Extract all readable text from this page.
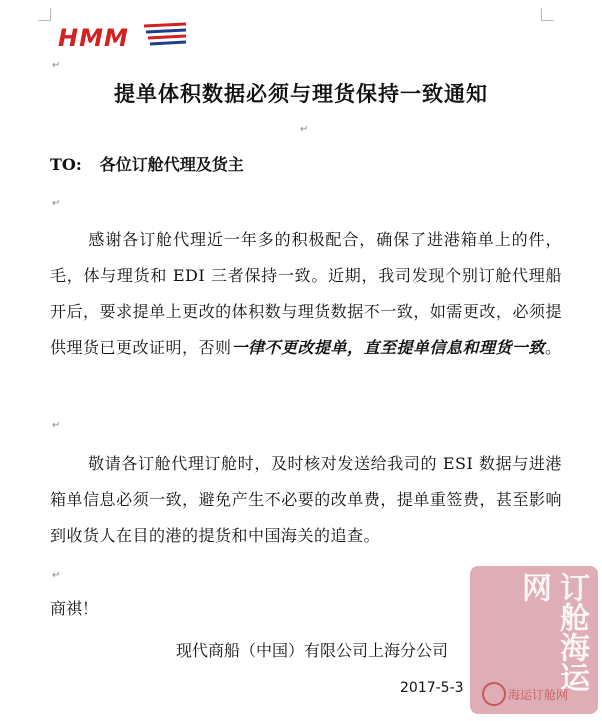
HMM
↵
提单体积数据必须与理货保持一致通知
↵
TO: 各位订舱代理及货主
↵
感谢各订舱代理近一年多的积极配合，确保了进港箱单上的件，毛，体与理货和 EDI 三者保持一致。近期，我司发现个别订舱代理船开后，要求提单上更改的体积数与理货数据不一致，如需更改，必须提供理货已更改证明，否则一律不更改提单，直至提单信息和理货一致。
↵
敬请各订舱代理订舱时，及时核对发送给我司的 ESI 数据与进港箱单信息必须一致，避免产生不必要的改单费，提单重签费，甚至影响到收货人在目的港的提货和中国海关的追查。
↵
商祺！
现代商船（中国）有限公司上海分公司
2017-5-3	订舱海运网
海运订舱网
